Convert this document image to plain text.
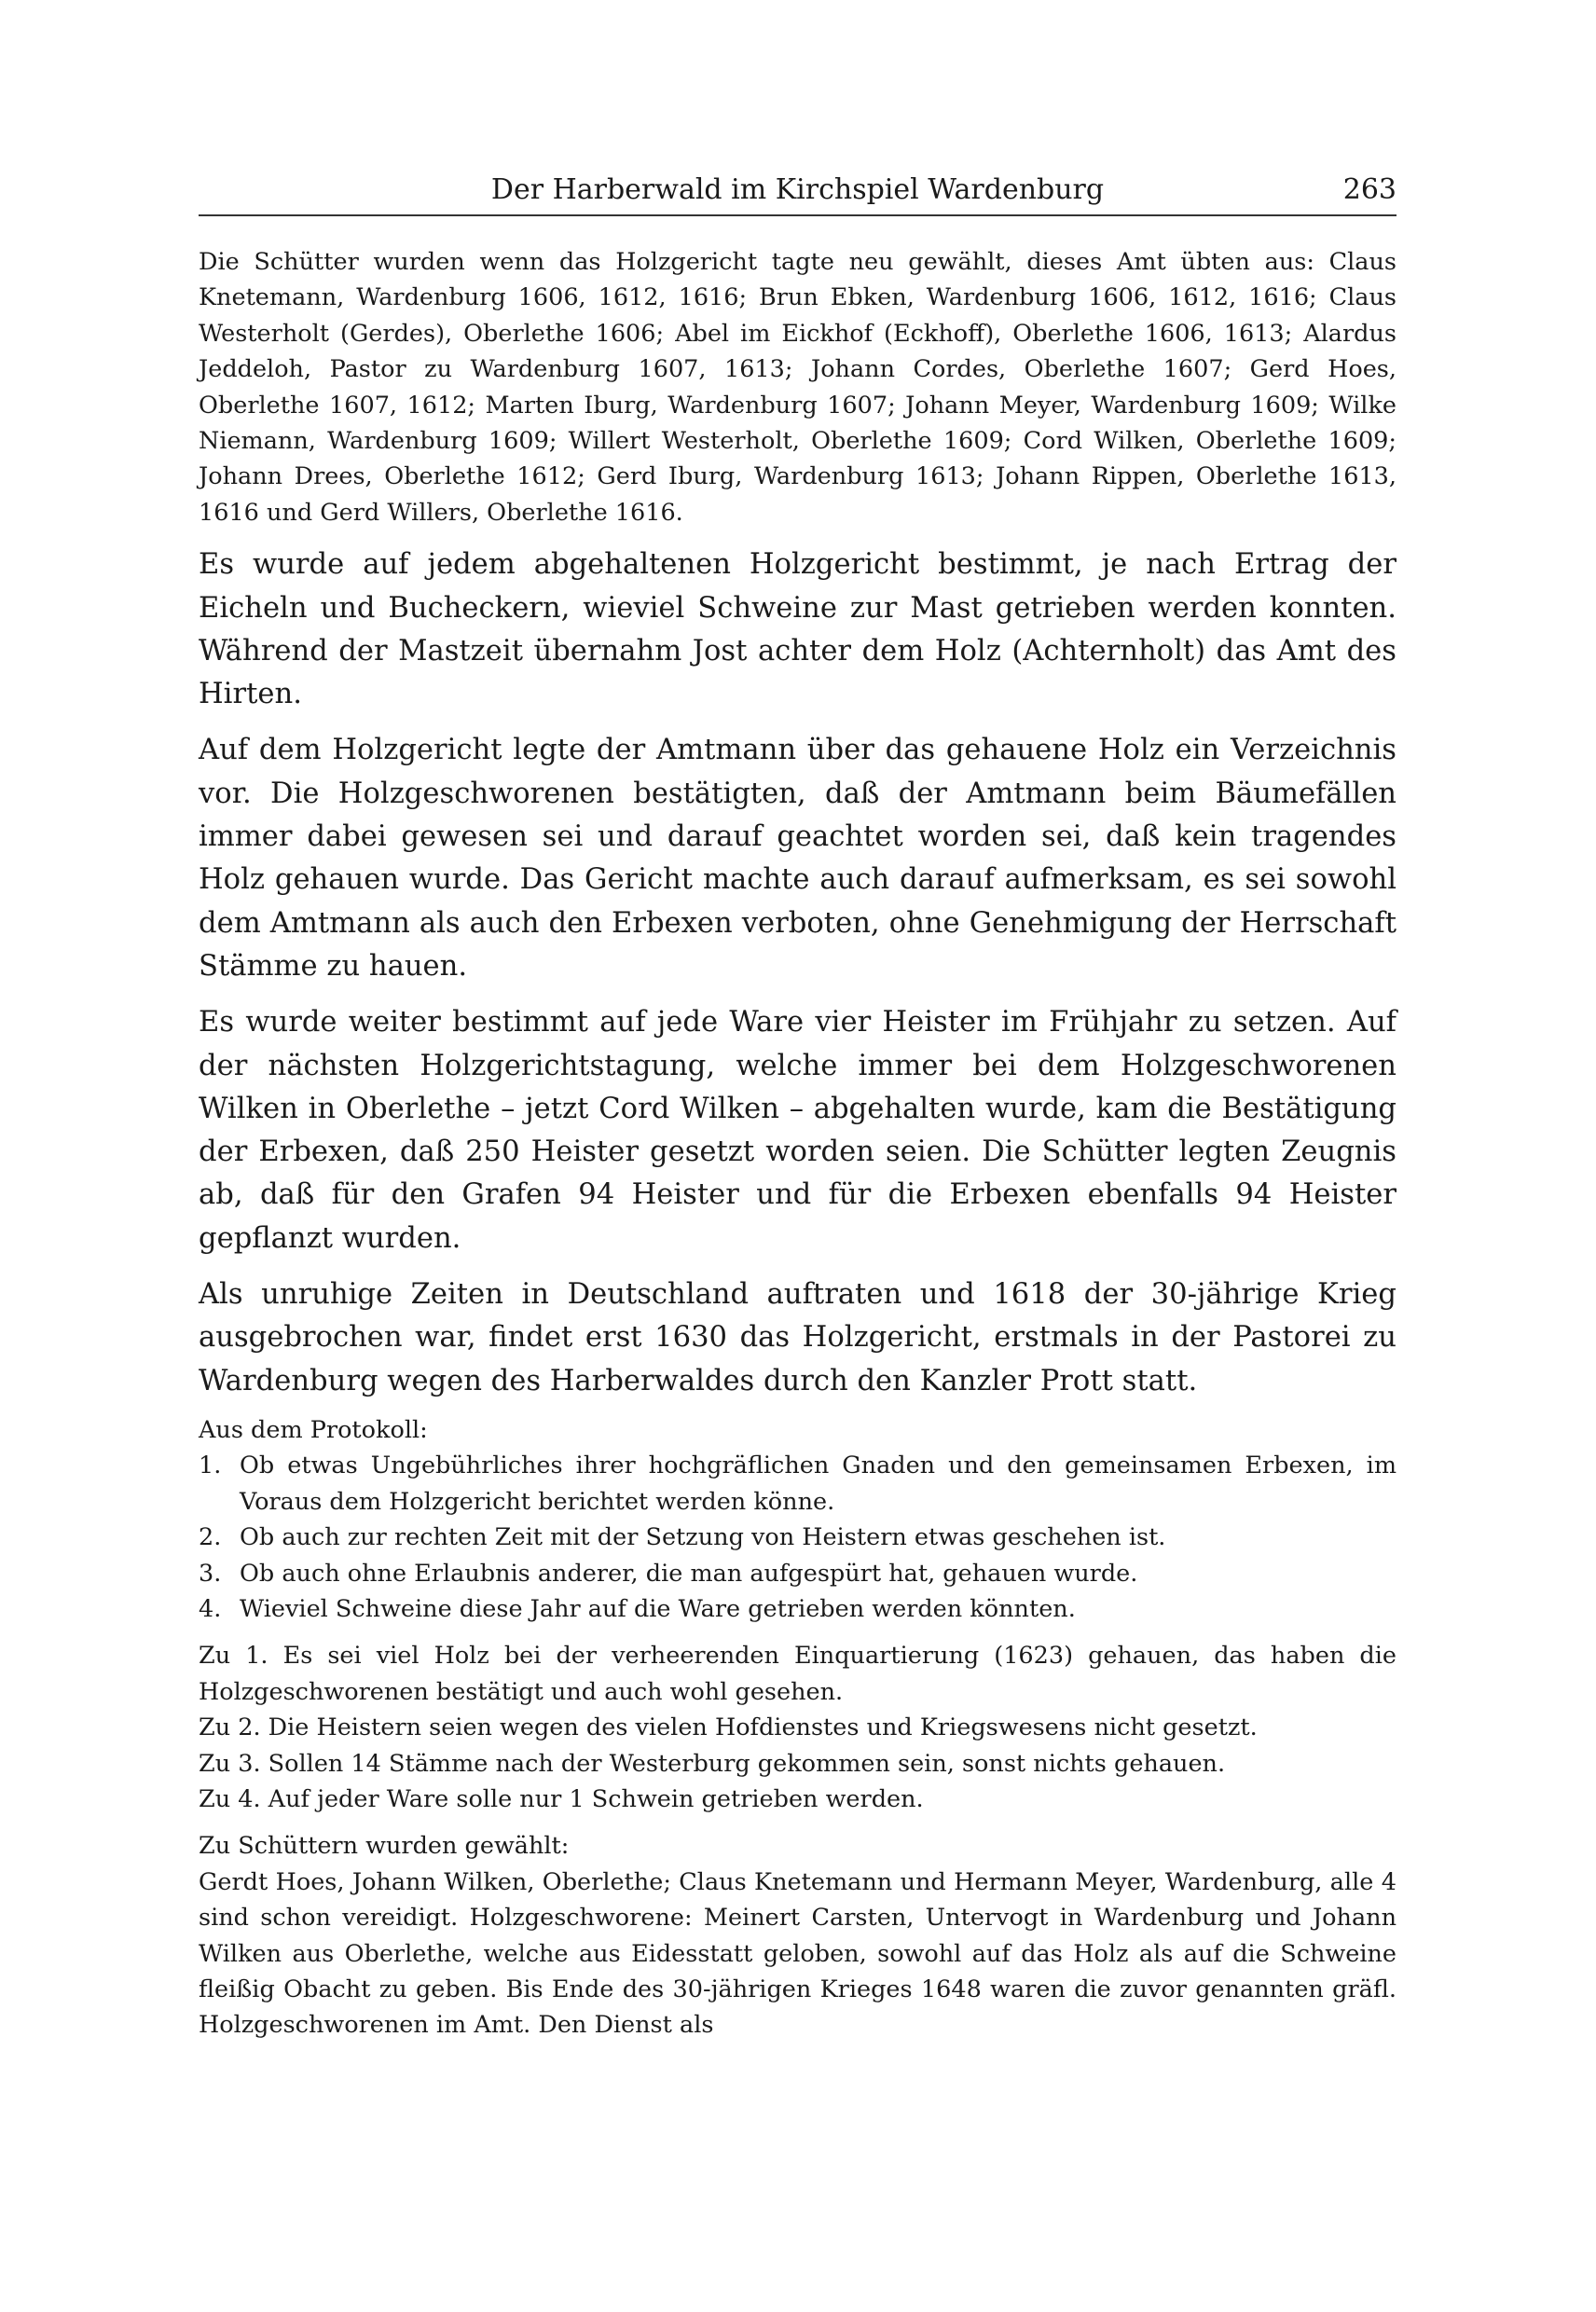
Der Harberwald im Kirchspiel Wardenburg	263

Die Schütter wurden wenn das Holzgericht tagte neu gewählt, dieses Amt übten aus: Claus Knetemann, Wardenburg 1606, 1612, 1616; Brun Ebken, Wardenburg 1606, 1612, 1616; Claus Westerholt (Gerdes), Oberlethe 1606; Abel im Eickhof (Eckhoff), Oberlethe 1606, 1613; Alardus Jeddeloh, Pastor zu Wardenburg 1607, 1613; Johann Cordes, Oberlethe 1607; Gerd Hoes, Oberlethe 1607, 1612; Marten Iburg, Wardenburg 1607; Johann Meyer, Wardenburg 1609; Wilke Niemann, Wardenburg 1609; Willert Westerholt, Oberlethe 1609; Cord Wilken, Oberlethe 1609; Johann Drees, Oberlethe 1612; Gerd Iburg, Wardenburg 1613; Johann Rippen, Oberlethe 1613, 1616 und Gerd Willers, Oberlethe 1616.

Es wurde auf jedem abgehaltenen Holzgericht bestimmt, je nach Ertrag der Eicheln und Bucheckern, wieviel Schweine zur Mast getrieben werden konnten. Während der Mastzeit übernahm Jost achter dem Holz (Achternholt) das Amt des Hirten.

Auf dem Holzgericht legte der Amtmann über das gehauene Holz ein Verzeichnis vor. Die Holzgeschworenen bestätigten, daß der Amtmann beim Bäumefällen immer dabei gewesen sei und darauf geachtet worden sei, daß kein tragendes Holz gehauen wurde. Das Gericht machte auch darauf aufmerksam, es sei sowohl dem Amtmann als auch den Erbexen verboten, ohne Genehmigung der Herrschaft Stämme zu hauen.

Es wurde weiter bestimmt auf jede Ware vier Heister im Frühjahr zu setzen. Auf der nächsten Holzgerichtstagung, welche immer bei dem Holzgeschworenen Wilken in Oberlethe – jetzt Cord Wilken – abgehalten wurde, kam die Bestätigung der Erbexen, daß 250 Heister gesetzt worden seien. Die Schütter legten Zeugnis ab, daß für den Grafen 94 Heister und für die Erbexen ebenfalls 94 Heister gepflanzt wurden.

Als unruhige Zeiten in Deutschland auftraten und 1618 der 30-jährige Krieg ausgebrochen war, findet erst 1630 das Holzgericht, erstmals in der Pastorei zu Wardenburg wegen des Harberwaldes durch den Kanzler Prott statt.

Aus dem Protokoll:

1. Ob etwas Ungebührliches ihrer hochgräflichen Gnaden und den gemeinsamen Erbexen, im Voraus dem Holzgericht berichtet werden könne.
2. Ob auch zur rechten Zeit mit der Setzung von Heistern etwas geschehen ist.
3. Ob auch ohne Erlaubnis anderer, die man aufgespürt hat, gehauen wurde.
4. Wieviel Schweine diese Jahr auf die Ware getrieben werden könnten.
Zu 1. Es sei viel Holz bei der verheerenden Einquartierung (1623) gehauen, das haben die Holzgeschworenen bestätigt und auch wohl gesehen.
Zu 2. Die Heistern seien wegen des vielen Hofdienstes und Kriegswesens nicht gesetzt.
Zu 3. Sollen 14 Stämme nach der Westerburg gekommen sein, sonst nichts gehauen.
Zu 4. Auf jeder Ware solle nur 1 Schwein getrieben werden.

Zu Schüttern wurden gewählt:

Gerdt Hoes, Johann Wilken, Oberlethe; Claus Knetemann und Hermann Meyer, Wardenburg, alle 4 sind schon vereidigt. Holzgeschworene: Meinert Carsten, Untervogt in Wardenburg und Johann Wilken aus Oberlethe, welche aus Eidesstatt geloben, sowohl auf das Holz als auf die Schweine fleißig Obacht zu geben. Bis Ende des 30-jährigen Krieges 1648 waren die zuvor genannten gräfl. Holzgeschworenen im Amt. Den Dienst als
